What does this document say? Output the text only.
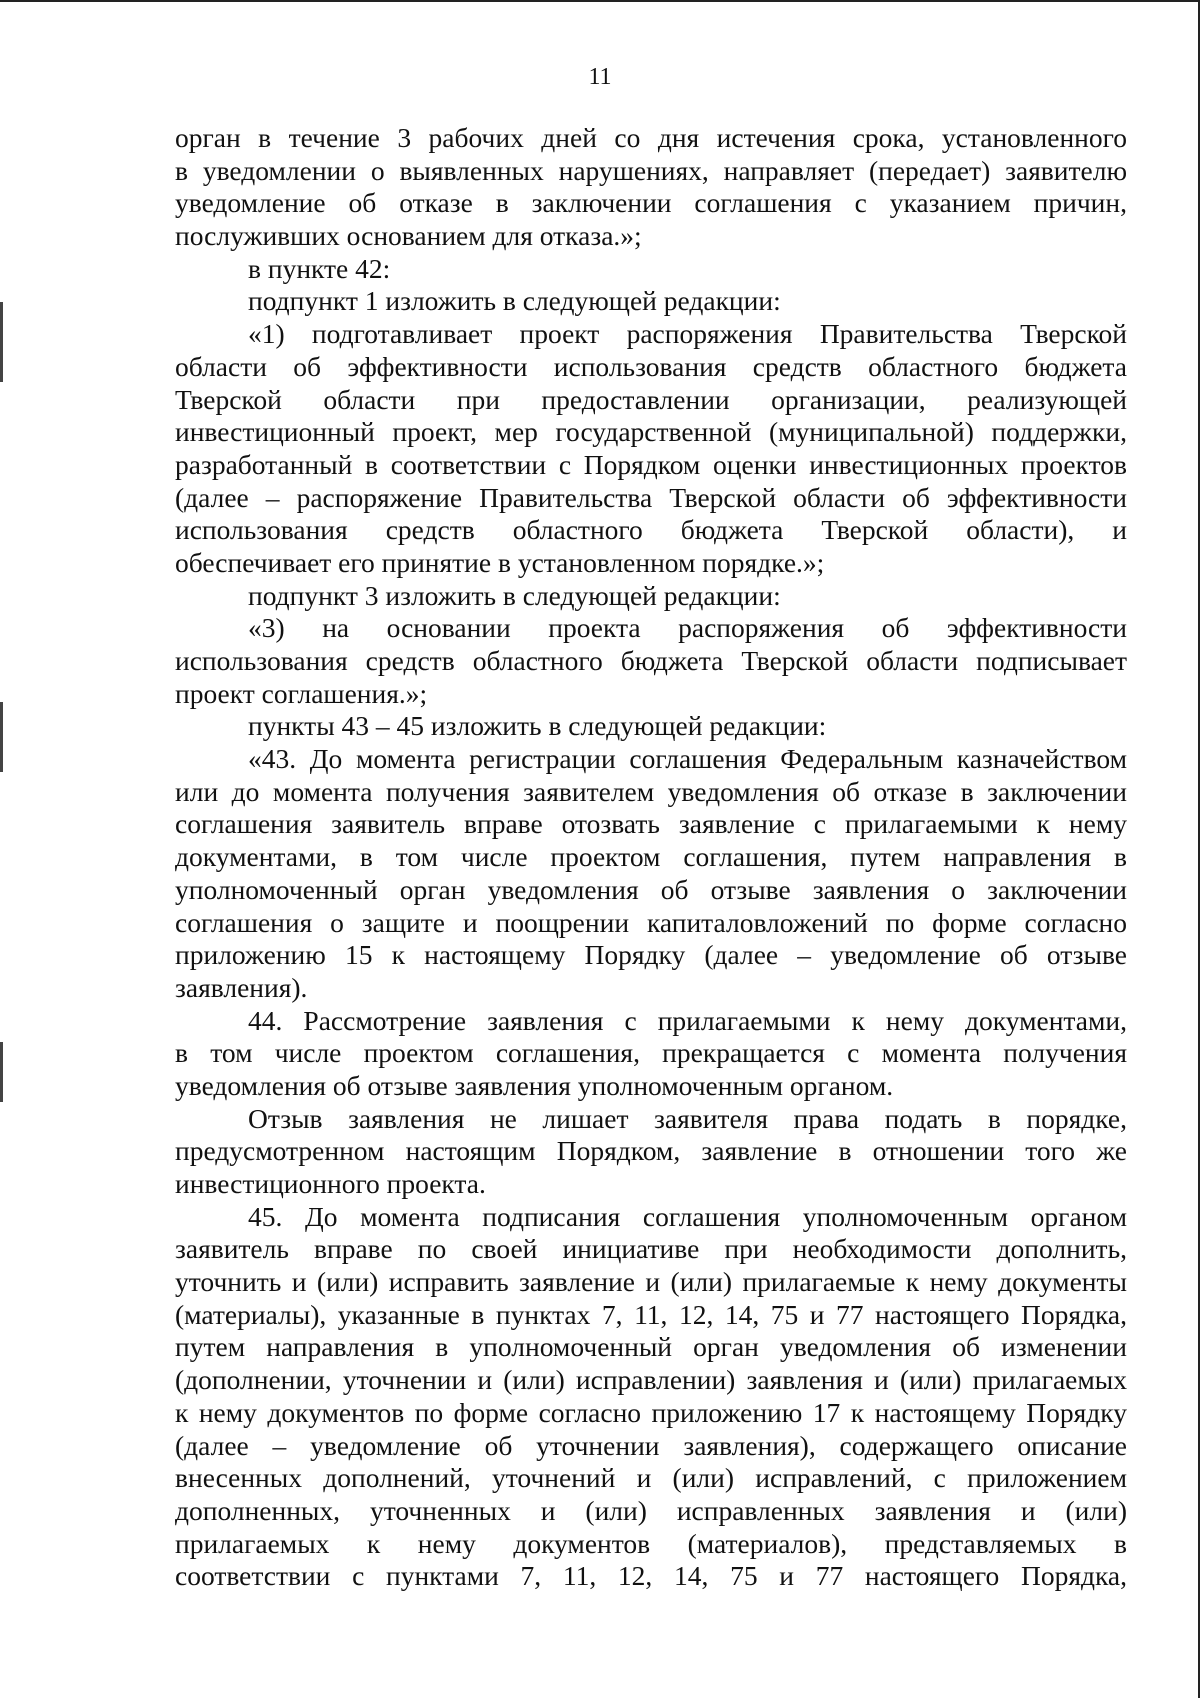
11
орган в течение 3 рабочих дней со дня истечения срока, установленного
в уведомлении о выявленных нарушениях, направляет (передает) заявителю
уведомление об отказе в заключении соглашения с указанием причин,
послуживших основанием для отказа.»;
в пункте 42:
подпункт 1 изложить в следующей редакции:
«1) подготавливает проект распоряжения Правительства Тверской
области об эффективности использования средств областного бюджета
Тверской области при предоставлении организации, реализующей
инвестиционный проект, мер государственной (муниципальной) поддержки,
разработанный в соответствии с Порядком оценки инвестиционных проектов
(далее – распоряжение Правительства Тверской области об эффективности
использования средств областного бюджета Тверской области), и
обеспечивает его принятие в установленном порядке.»;
подпункт 3 изложить в следующей редакции:
«3) на основании проекта распоряжения об эффективности
использования средств областного бюджета Тверской области подписывает
проект соглашения.»;
пункты 43 – 45 изложить в следующей редакции:
«43. До момента регистрации соглашения Федеральным казначейством
или до момента получения заявителем уведомления об отказе в заключении
соглашения заявитель вправе отозвать заявление с прилагаемыми к нему
документами, в том числе проектом соглашения, путем направления в
уполномоченный орган уведомления об отзыве заявления о заключении
соглашения о защите и поощрении капиталовложений по форме согласно
приложению 15 к настоящему Порядку (далее – уведомление об отзыве
заявления).
44. Рассмотрение заявления с прилагаемыми к нему документами,
в том числе проектом соглашения, прекращается с момента получения
уведомления об отзыве заявления уполномоченным органом.
Отзыв заявления не лишает заявителя права подать в порядке,
предусмотренном настоящим Порядком, заявление в отношении того же
инвестиционного проекта.
45. До момента подписания соглашения уполномоченным органом
заявитель вправе по своей инициативе при необходимости дополнить,
уточнить и (или) исправить заявление и (или) прилагаемые к нему документы
(материалы), указанные в пунктах 7, 11, 12, 14, 75 и 77 настоящего Порядка,
путем направления в уполномоченный орган уведомления об изменении
(дополнении, уточнении и (или) исправлении) заявления и (или) прилагаемых
к нему документов по форме согласно приложению 17 к настоящему Порядку
(далее – уведомление об уточнении заявления), содержащего описание
внесенных дополнений, уточнений и (или) исправлений, с приложением
дополненных, уточненных и (или) исправленных заявления и (или)
прилагаемых к нему документов (материалов), представляемых в
соответствии с пунктами 7, 11, 12, 14, 75 и 77 настоящего Порядка,
